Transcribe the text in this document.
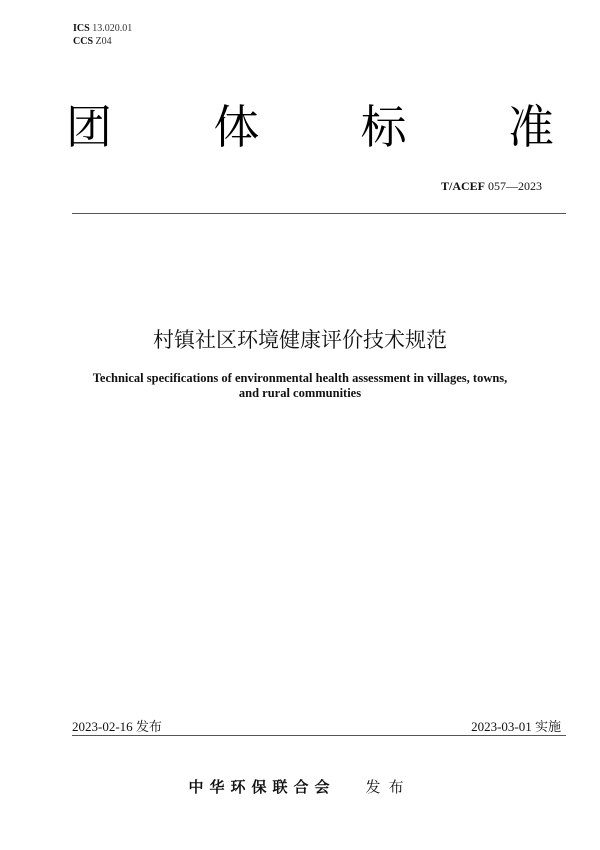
ICS 13.020.01
CCS Z04
团 体 标 准
T/ACEF 057—2023
村镇社区环境健康评价技术规范
Technical specifications of environmental health assessment in villages, towns,
and rural communities
2023-02-16 发布	2023-03-01 实施
中华环保联合会 发布
